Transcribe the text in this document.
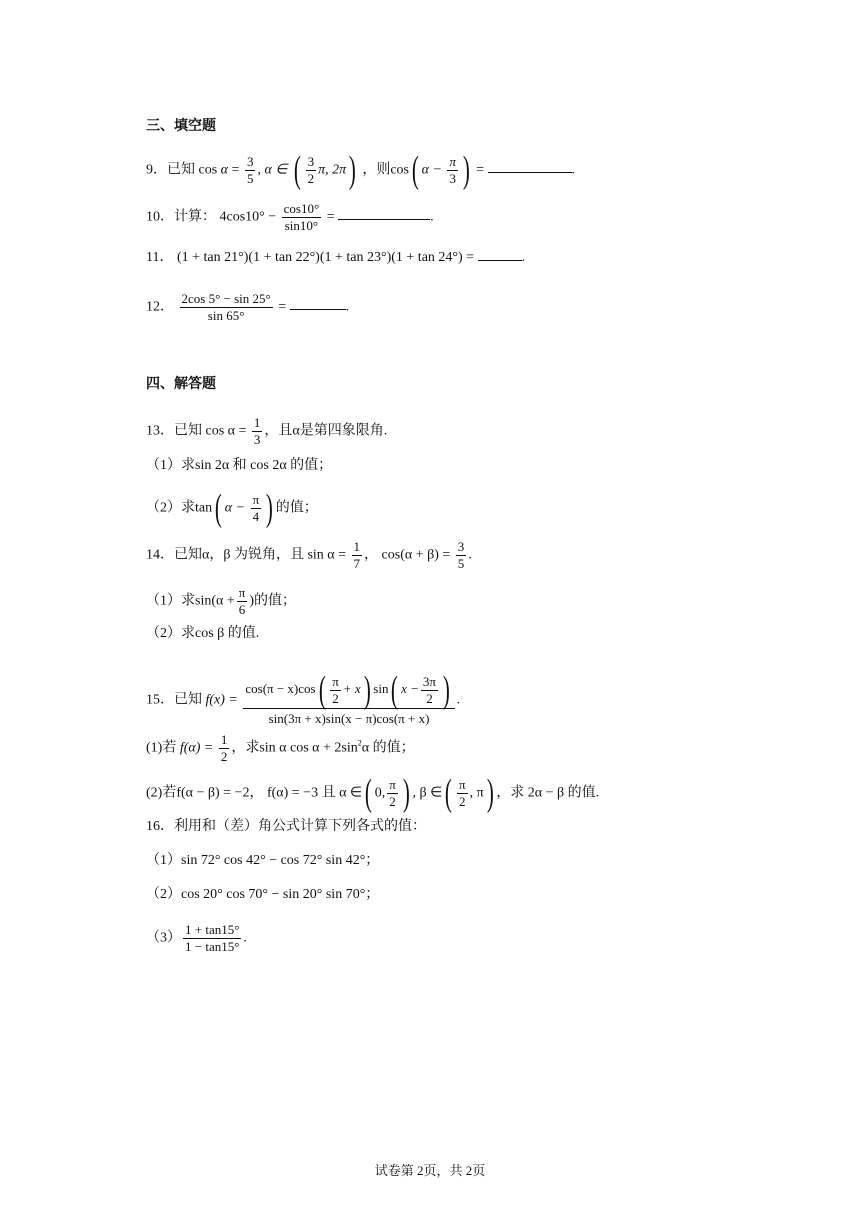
三、填空题
9．已知 $\cos \alpha = \frac{3}{5}$ , α ∈ ( $\frac{3}{2} \pi$, 2π) ，则cos( $\alpha - \frac{\pi}{3}$ ) =	.
10．计算： $4\cos 10^\circ - \frac{\cos 10^\circ}{\sin 10^\circ}$ =	.
11． (1 + tan 21°)(1 + tan 22°)(1 + tan 23°)(1 + tan 24°) =	.
12． $\frac{2\cos 5^\circ - \sin 25^\circ}{\sin 65^\circ}$ =	.
四、解答题
13．已知 $\cos \alpha = \frac{1}{3}$ ，且α是第四象限角.
（1）求sin 2α 和 cos 2α 的值；
（2）求tan( $\alpha - \frac{\pi}{4}$ ) 的值；
14．已知α，β 为锐角，且 $\sin \alpha = \frac{1}{7}$ ， $\cos(\alpha + \beta) = \frac{3}{5}$ .
（1）求$\sin(\alpha + \frac{\pi}{6}$ )的值；
（2）求cos β 的值.
15．已知 $f(x) = \frac{\cos(\pi - x)\cos( \frac{\pi}{2} + x) \sin( x - \frac{3\pi}{2} )}{\sin(3\pi + x)\sin(x - \pi)\cos(\pi + x)}$ .
(1)若 $f(\alpha) = \frac{1}{2}$ ，求sin α $\cos \alpha + 2\sin^2\alpha$ 的值；
(2)若f(α − β) = −2， f(α) = −3 且 α ∈( 0, $\frac{\pi}{2}$ ) , β ∈( $\frac{\pi}{2}$ , π) ，求 2α − β 的值.
16．利用和（差）角公式计算下列各式的值：
（1）sin 72° cos 42° − cos 72° sin 42°；
（2）cos 20° cos 70° − sin 20° sin 70°；
$(3) \frac{1 + \tan 15^\circ}{1 - \tan 15^\circ}$ .
试卷第 2页，共 2页
